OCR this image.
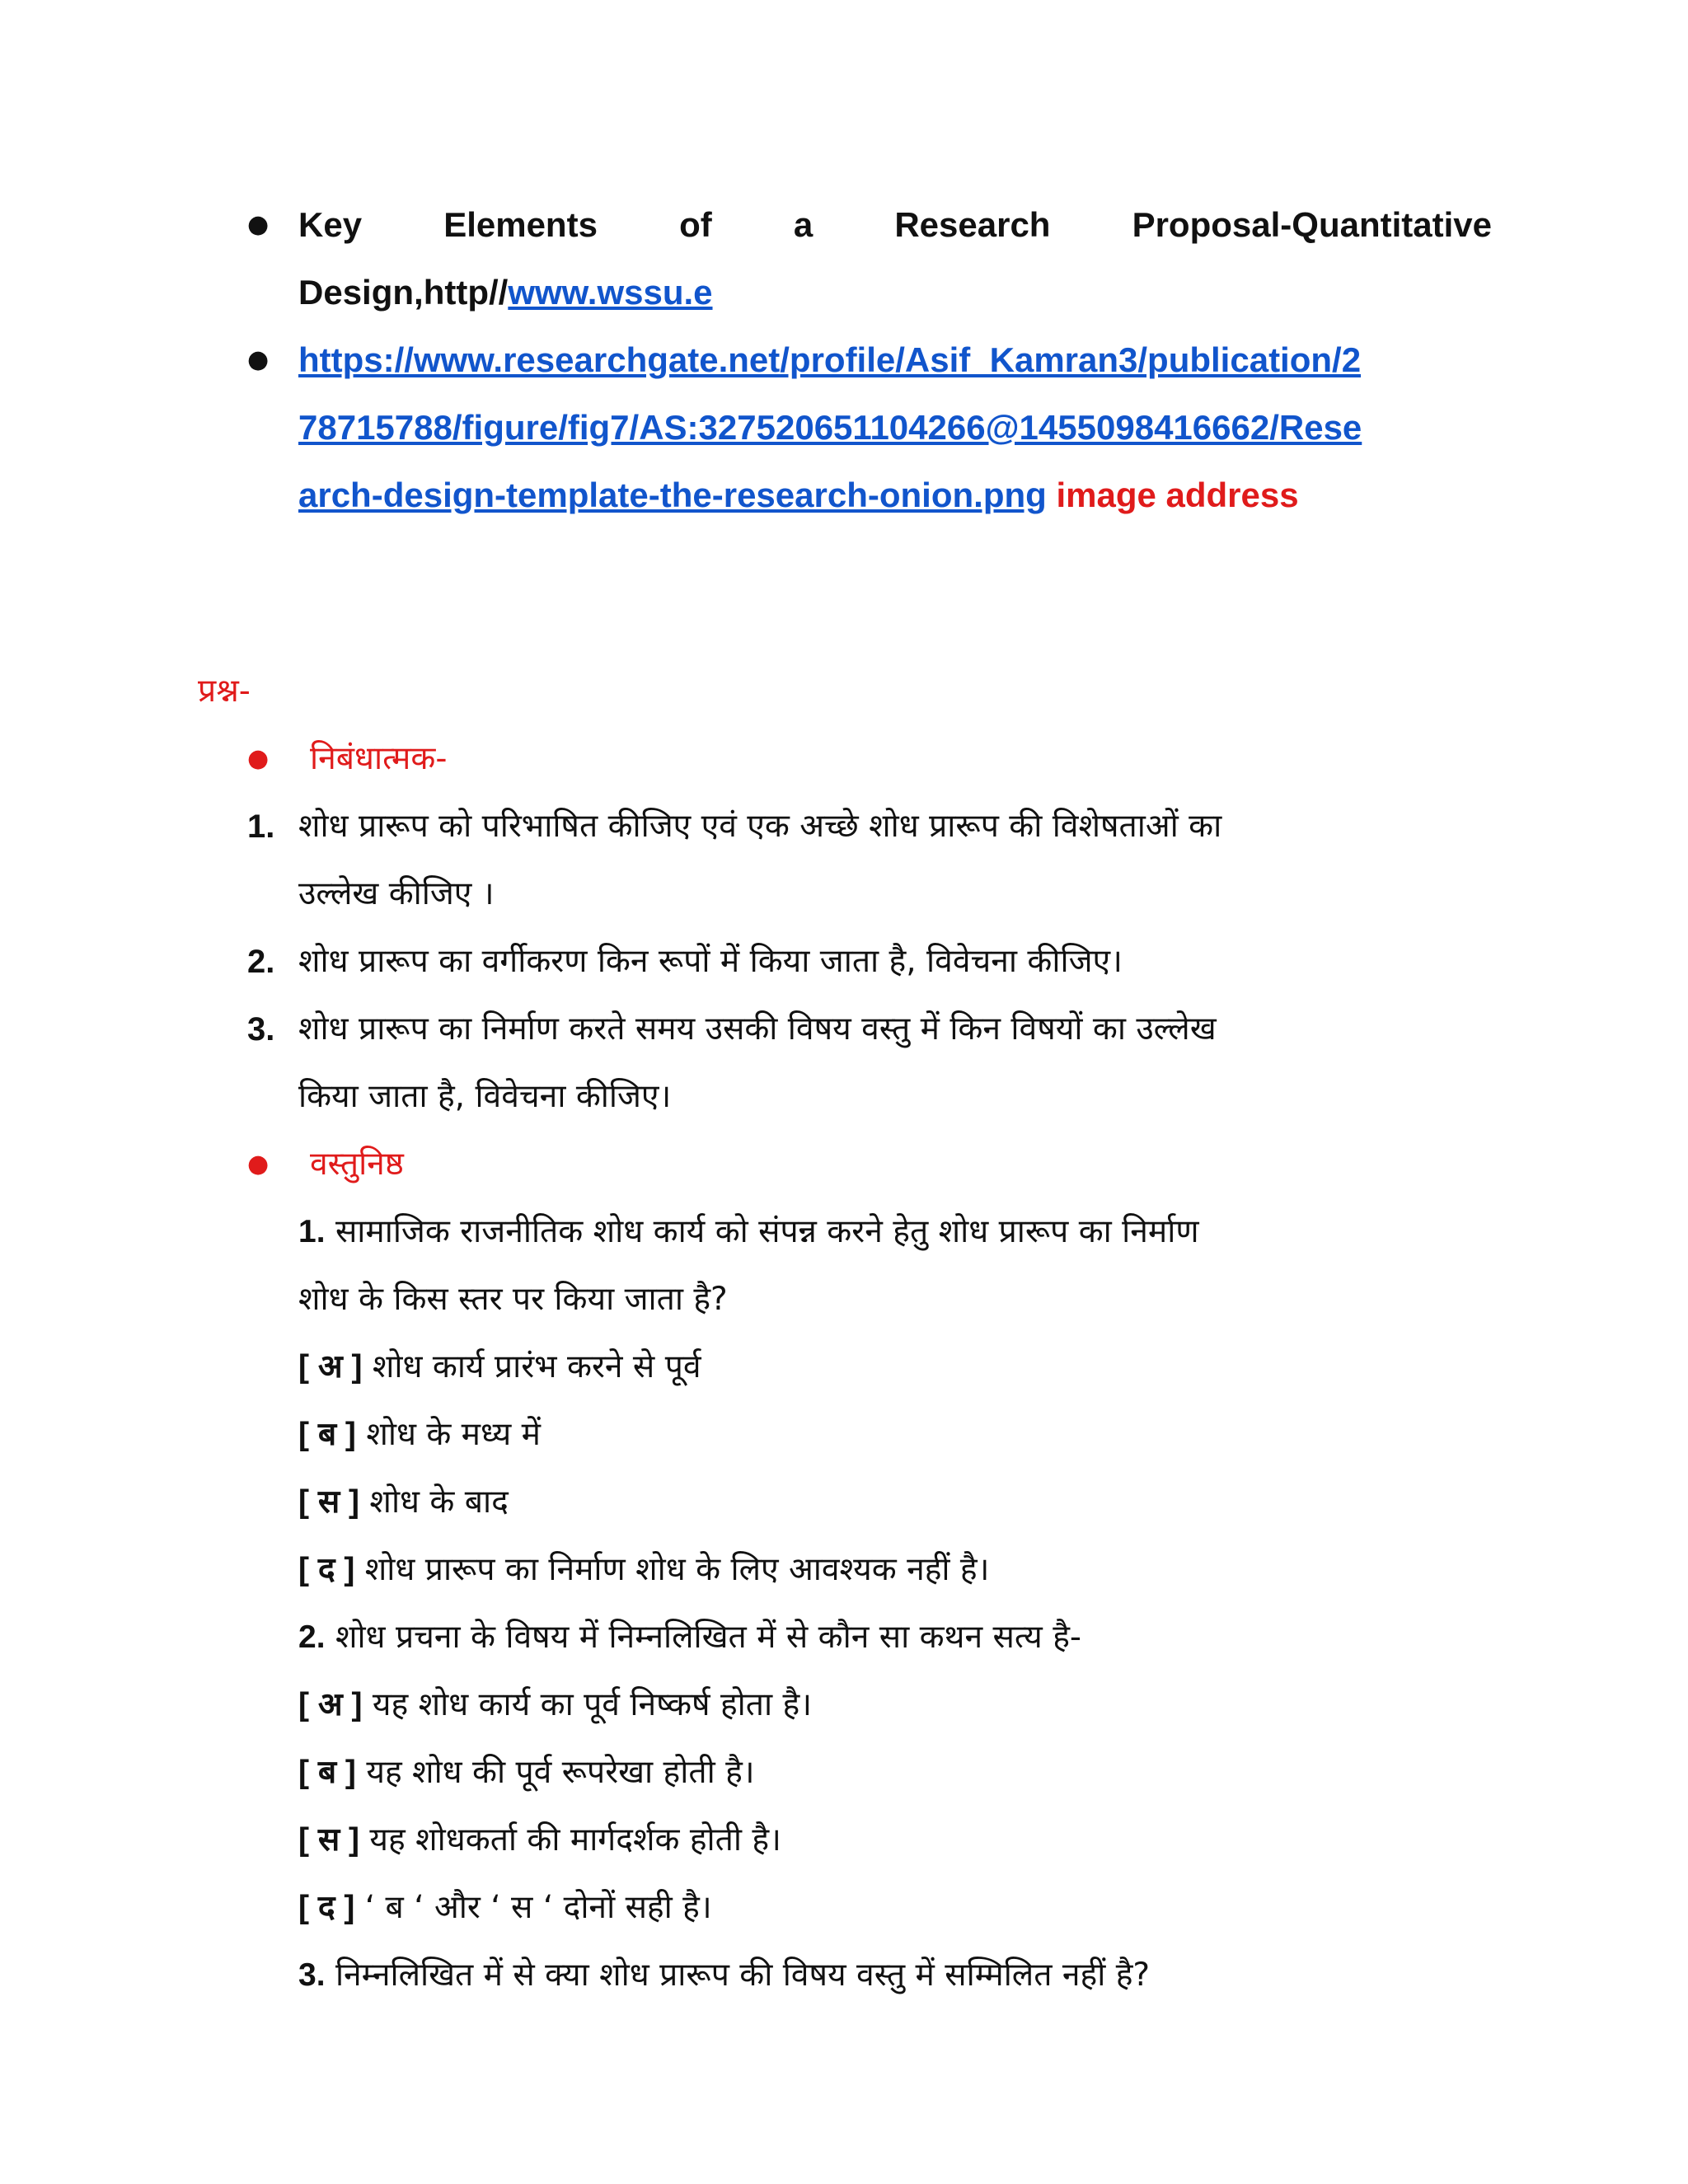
● Key Elements of a Research Proposal-Quantitative
Design,http//www.wssu.e
● https://www.researchgate.net/profile/Asif_Kamran3/publication/2
78715788/figure/fig7/AS:327520651104266@1455098416662/Rese
arch-design-template-the-research-onion.png image address
प्रश्न-
● निबंधात्मक-
1. शोध प्रारूप को परिभाषित कीजिए एवं एक अच्छे शोध प्रारूप की विशेषताओं का
उल्लेख कीजिए ।
2. शोध प्रारूप का वर्गीकरण किन रूपों में किया जाता है, विवेचना कीजिए।
3. शोध प्रारूप का निर्माण करते समय उसकी विषय वस्तु में किन विषयों का उल्लेख
किया जाता है, विवेचना कीजिए।
● वस्तुनिष्ठ
1. सामाजिक राजनीतिक शोध कार्य को संपन्न करने हेतु शोध प्रारूप का निर्माण
शोध के किस स्तर पर किया जाता है?
[ अ ] शोध कार्य प्रारंभ करने से पूर्व
[ ब ] शोध के मध्य में
[ स ] शोध के बाद
[ द ] शोध प्रारूप का निर्माण शोध के लिए आवश्यक नहीं है।
2. शोध प्रचना के विषय में निम्नलिखित में से कौन सा कथन सत्य है-
[ अ ] यह शोध कार्य का पूर्व निष्कर्ष होता है।
[ ब ] यह शोध की पूर्व रूपरेखा होती है।
[ स ] यह शोधकर्ता की मार्गदर्शक होती है।
[ द ] ‘ ब ‘ और ‘ स ‘ दोनों सही है।
3. निम्नलिखित में से क्या शोध प्रारूप की विषय वस्तु में सम्मिलित नहीं है?
